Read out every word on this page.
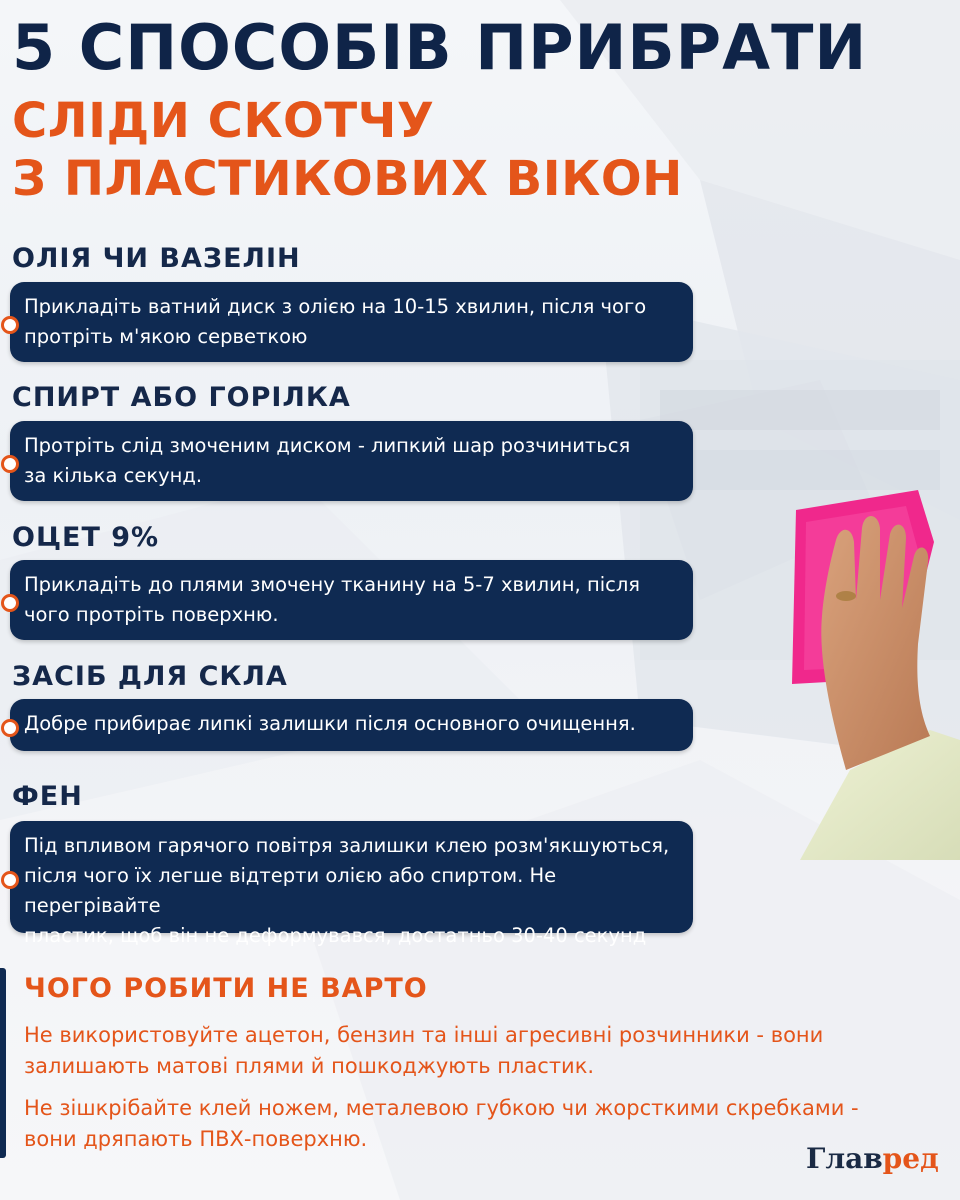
5 СПОСОБІВ ПРИБРАТИ
СЛІДИ СКОТЧУ
З ПЛАСТИКОВИХ ВІКОН
ОЛІЯ ЧИ ВАЗЕЛІН
Прикладіть ватний диск з олією на 10-15 хвилин, після чого
протріть м'якою серветкою
СПИРТ АБО ГОРІЛКА
Протріть слід змоченим диском - липкий шар розчиниться
за кілька секунд.
ОЦЕТ 9%
Прикладіть до плями змочену тканину на 5-7 хвилин, після
чого протріть поверхню.
ЗАСІБ ДЛЯ СКЛА
Добре прибирає липкі залишки після основного очищення.
ФЕН
Під впливом гарячого повітря залишки клею розм'якшуються,
після чого їх легше відтерти олією або спиртом. Не перегрівайте
пластик, щоб він не деформувався, достатньо 30-40 секунд
ЧОГО РОБИТИ НЕ ВАРТО

Не використовуйте ацетон, бензин та інші агресивні розчинники - вони
залишають матові плями й пошкоджують пластик.

Не зішкрібайте клей ножем, металевою губкою чи жорсткими скребками -
вони дряпають ПВХ-поверхню.

Главред
